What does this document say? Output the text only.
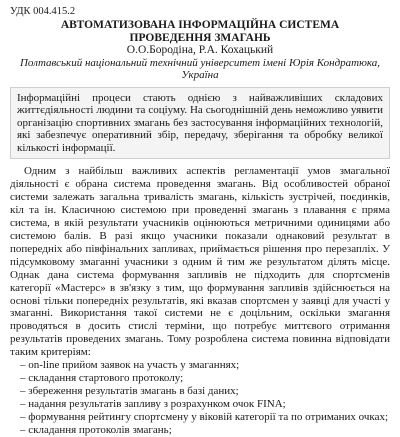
УДК 004.415.2

АВТОМАТИЗОВАНА ІНФОРМАЦІЙНА СИСТЕМА

ПРОВЕДЕННЯ ЗМАГАНЬ

О.О.Бородіна, Р.А. Кохацький

Полтавський національний технічний університет імені Юрія Кондратюка, Україна

Інформаційні процеси стають однією з найважливіших складових життєдіяльності людини та соціуму. На сьогоднішній день неможливо уявити організацію спортивних змагань без застосування інформаційних технологій, які забезпечує оперативний збір, передачу, зберігання та обробку великої кількості інформації.

Одним з найбільш важливих аспектів регламентації умов змагальної діяльності є обрана система проведення змагань. Від особливостей обраної системи залежать загальна тривалість змагань, кількість зустрічей, поєдинків, кіл та ін. Класичною системою при проведенні змагань з плавання є пряма система, в якій результати учасників оцінюються метричними одиницями або системою балів. В разі якщо учасники показали однаковий результат в попередніх або півфінальних запливах, приймається рішення про перезапліх. У підсумковому змаганні учасники з одним й тим же результатом ділять місце. Однак дана система формування запливів не підходить для спортсменів категорії «Мастерс» в зв'язку з тим, що формування запливів здійснюється на основі тільки попередніх результатів, які вказав спортсмен у заявці для участі у змаганні. Використання такої системи не є доцільним, оскільки змагання проводяться в досить стислі терміни, що потребує миттєвого отримання результатів проведених змагань. Тому розроблена система повинна відповідати таким критеріям:

– on-line прийом заявок на участь у змаганнях;
– складання стартового протоколу;
– збереження результатів змагань в базі даних;
– надання результатів запливу з розрахунком очок FINA;
– формування рейтингу спортсмену у віковій категорії та по отриманих очках;
– складання протоколів змагань;
